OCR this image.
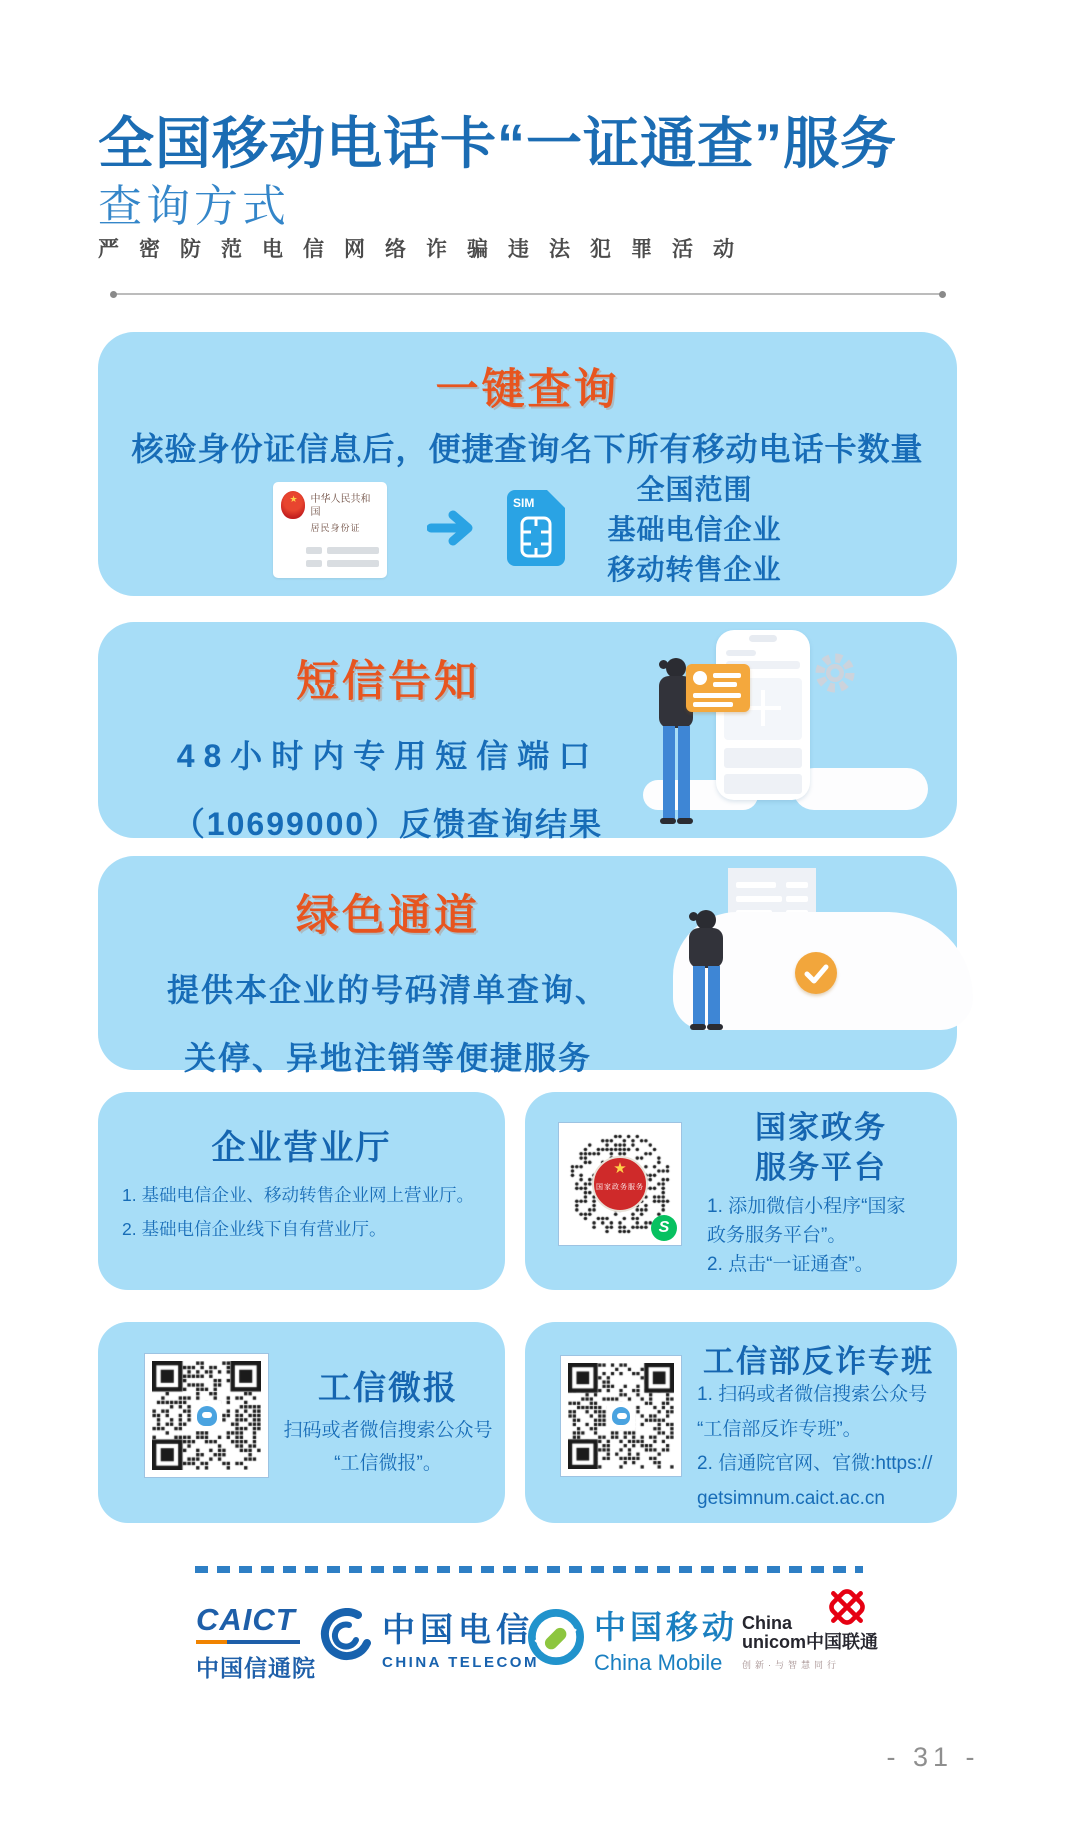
全国移动电话卡“一证通查”服务
查询方式
严密防范电信网络诈骗违法犯罪活动
一键查询
核验身份证信息后，便捷查询名下所有移动电话卡数量
★
中华人民共和国
居民身份证
SIM	全国范围
基础电信企业
移动转售企业
短信告知
48小时内专用短信端口
（10699000）反馈查询结果
绿色通道
提供本企业的号码清单查询、
关停、异地注销等便捷服务
企业营业厅
1. 基础电信企业、移动转售企业网上营业厅。
2. 基础电信企业线下自有营业厅。
★
国家政务服务
S
国家政务
服务平台
1. 添加微信小程序“国家
政务服务平台”。
2. 点击“一证通查”。
工信微报
扫码或者微信搜索公众号
“工信微报”。
工信部反诈专班
1. 扫码或者微信搜索公众号
“工信部反诈专班”。
2. 信通院官网、官微:https://
getsimnum.caict.ac.cn
CAICT
中国信通院
中国电信
CHINA TELECOM
中国移动
China Mobile
China
unicom中国联通
创新·与智慧同行
- 31 -
